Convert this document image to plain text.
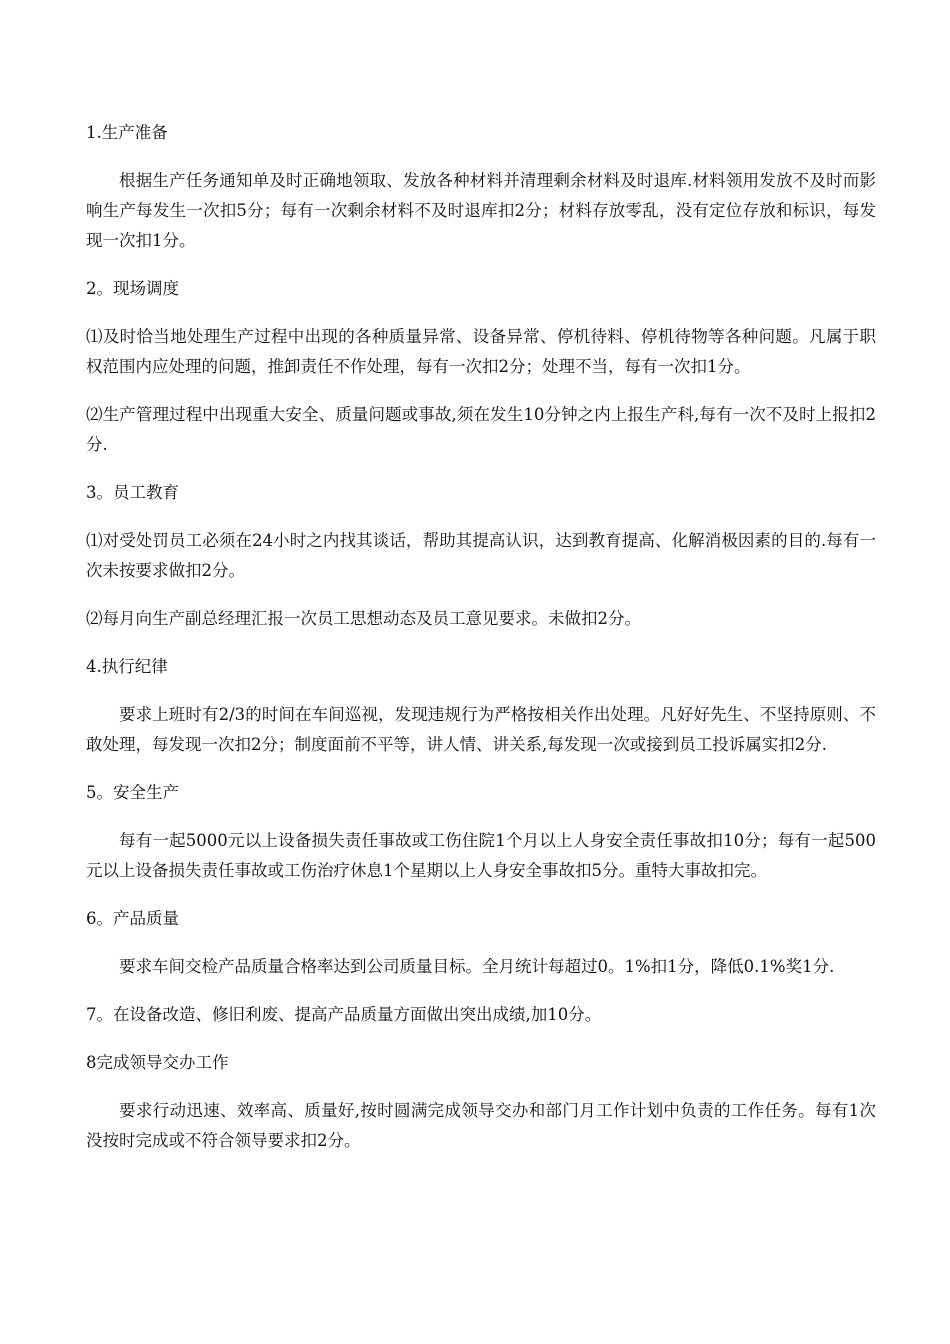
1.生产准备
根据生产任务通知单及时正确地领取、发放各种材料并清理剩余材料及时退库.材料领用发放不及时而影响生产每发生一次扣5分；每有一次剩余材料不及时退库扣2分；材料存放零乱，没有定位存放和标识，每发现一次扣1分。
2。现场调度
⑴及时恰当地处理生产过程中出现的各种质量异常、设备异常、停机待料、停机待物等各种问题。凡属于职权范围内应处理的问题，推卸责任不作处理，每有一次扣2分；处理不当，每有一次扣1分。
⑵生产管理过程中出现重大安全、质量问题或事故,须在发生10分钟之内上报生产科,每有一次不及时上报扣2分.
3。员工教育
⑴对受处罚员工必须在24小时之内找其谈话，帮助其提高认识，达到教育提高、化解消极因素的目的.每有一次未按要求做扣2分。
⑵每月向生产副总经理汇报一次员工思想动态及员工意见要求。未做扣2分。
4.执行纪律
要求上班时有2/3的时间在车间巡视，发现违规行为严格按相关作出处理。凡好好先生、不坚持原则、不敢处理，每发现一次扣2分；制度面前不平等，讲人情、讲关系,每发现一次或接到员工投诉属实扣2分.
5。安全生产
每有一起5000元以上设备损失责任事故或工伤住院1个月以上人身安全责任事故扣10分；每有一起500元以上设备损失责任事故或工伤治疗休息1个星期以上人身安全事故扣5分。重特大事故扣完。
6。产品质量
要求车间交检产品质量合格率达到公司质量目标。全月统计每超过0。1%扣1分，降低0.1%奖1分.
7。在设备改造、修旧利废、提高产品质量方面做出突出成绩,加10分。
8完成领导交办工作
要求行动迅速、效率高、质量好,按时圆满完成领导交办和部门月工作计划中负责的工作任务。每有1次没按时完成或不符合领导要求扣2分。
